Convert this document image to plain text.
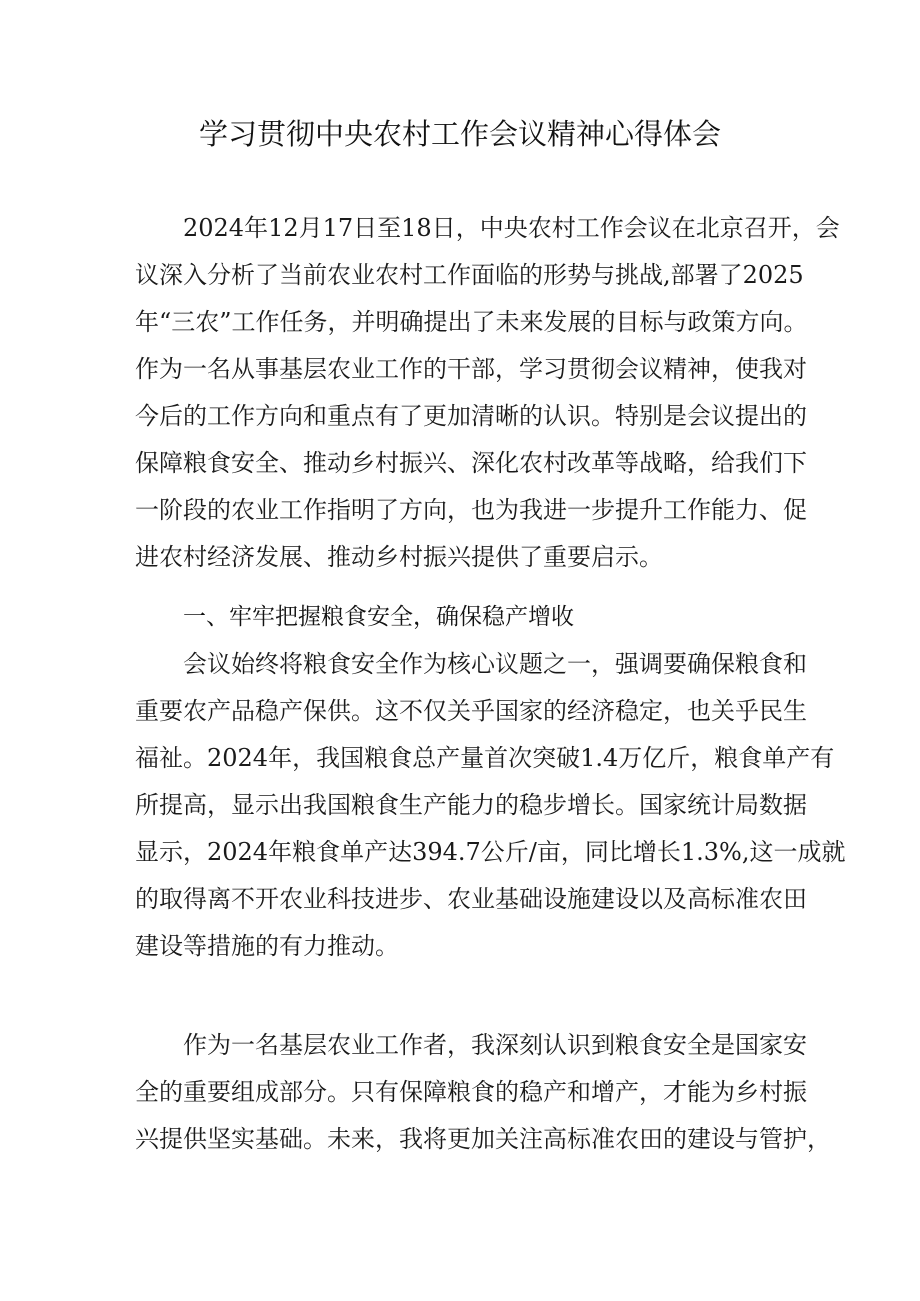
学习贯彻中央农村工作会议精神心得体会
2024年12月17日至18日，中央农村工作会议在北京召开，会
议深入分析了当前农业农村工作面临的形势与挑战,部署了2025
年“三农”工作任务，并明确提出了未来发展的目标与政策方向。
作为一名从事基层农业工作的干部，学习贯彻会议精神，使我对
今后的工作方向和重点有了更加清晰的认识。特别是会议提出的
保障粮食安全、推动乡村振兴、深化农村改革等战略，给我们下
一阶段的农业工作指明了方向，也为我进一步提升工作能力、促
进农村经济发展、推动乡村振兴提供了重要启示。
一、牢牢把握粮食安全，确保稳产增收
会议始终将粮食安全作为核心议题之一，强调要确保粮食和
重要农产品稳产保供。这不仅关乎国家的经济稳定，也关乎民生
福祉。2024年，我国粮食总产量首次突破1.4万亿斤，粮食单产有
所提高，显示出我国粮食生产能力的稳步增长。国家统计局数据
显示，2024年粮食单产达394.7公斤/亩，同比增长1.3%,这一成就
的取得离不开农业科技进步、农业基础设施建设以及高标准农田
建设等措施的有力推动。
作为一名基层农业工作者，我深刻认识到粮食安全是国家安
全的重要组成部分。只有保障粮食的稳产和增产，才能为乡村振
兴提供坚实基础。未来，我将更加关注高标准农田的建设与管护，
